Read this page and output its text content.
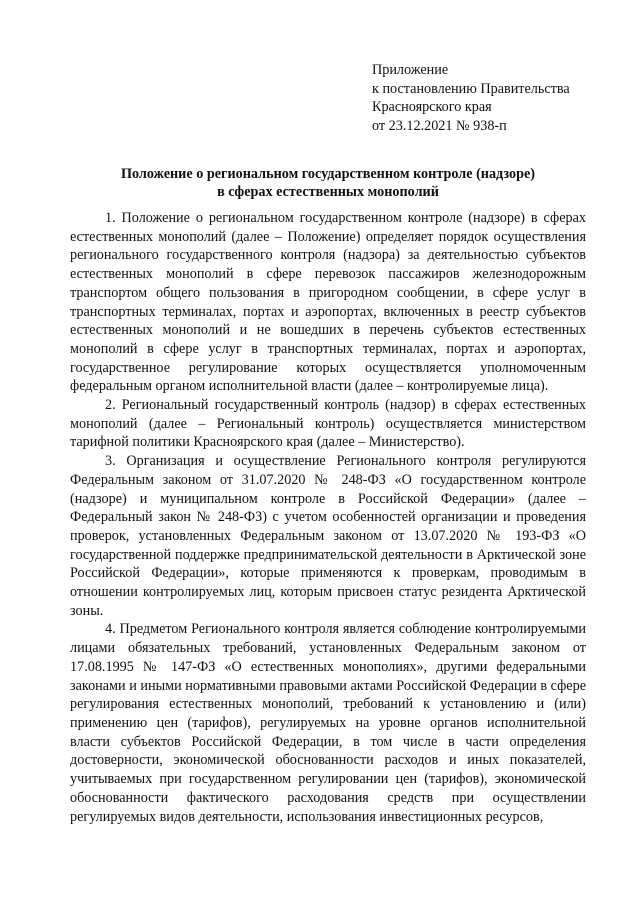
Приложение
к постановлению Правительства
Красноярского края
от 23.12.2021 № 938-п
Положение о региональном государственном контроле (надзоре)
в сферах естественных монополий

1. Положение о региональном государственном контроле (надзоре) в сферах естественных монополий (далее – Положение) определяет порядок осуществления регионального государственного контроля (надзора) за деятельностью субъектов естественных монополий в сфере перевозок пассажиров железнодорожным транспортом общего пользования в пригородном сообщении, в сфере услуг в транспортных терминалах, портах и аэропортах, включенных в реестр субъектов естественных монополий и не вошедших в перечень субъектов естественных монополий в сфере услуг в транспортных терминалах, портах и аэропортах, государственное регулирование которых осуществляется уполномоченным федеральным органом исполнительной власти (далее – контролируемые лица).

2. Региональный государственный контроль (надзор) в сферах естественных монополий (далее – Региональный контроль) осуществляется министерством тарифной политики Красноярского края (далее – Министерство).

3. Организация и осуществление Регионального контроля регулируются Федеральным законом от 31.07.2020 № 248-ФЗ «О государственном контроле (надзоре) и муниципальном контроле в Российской Федерации» (далее – Федеральный закон № 248-ФЗ) с учетом особенностей организации и проведения проверок, установленных Федеральным законом от 13.07.2020 № 193-ФЗ «О государственной поддержке предпринимательской деятельности в Арктической зоне Российской Федерации», которые применяются к проверкам, проводимым в отношении контролируемых лиц, которым присвоен статус резидента Арктической зоны.

4. Предметом Регионального контроля является соблюдение контролируемыми лицами обязательных требований, установленных Федеральным законом от 17.08.1995 № 147-ФЗ «О естественных монополиях», другими федеральными законами и иными нормативными правовыми актами Российской Федерации в сфере регулирования естественных монополий, требований к установлению и (или) применению цен (тарифов), регулируемых на уровне органов исполнительной власти субъектов Российской Федерации, в том числе в части определения достоверности, экономической обоснованности расходов и иных показателей, учитываемых при государственном регулировании цен (тарифов), экономической обоснованности фактического расходования средств при осуществлении регулируемых видов деятельности, использования инвестиционных ресурсов,
